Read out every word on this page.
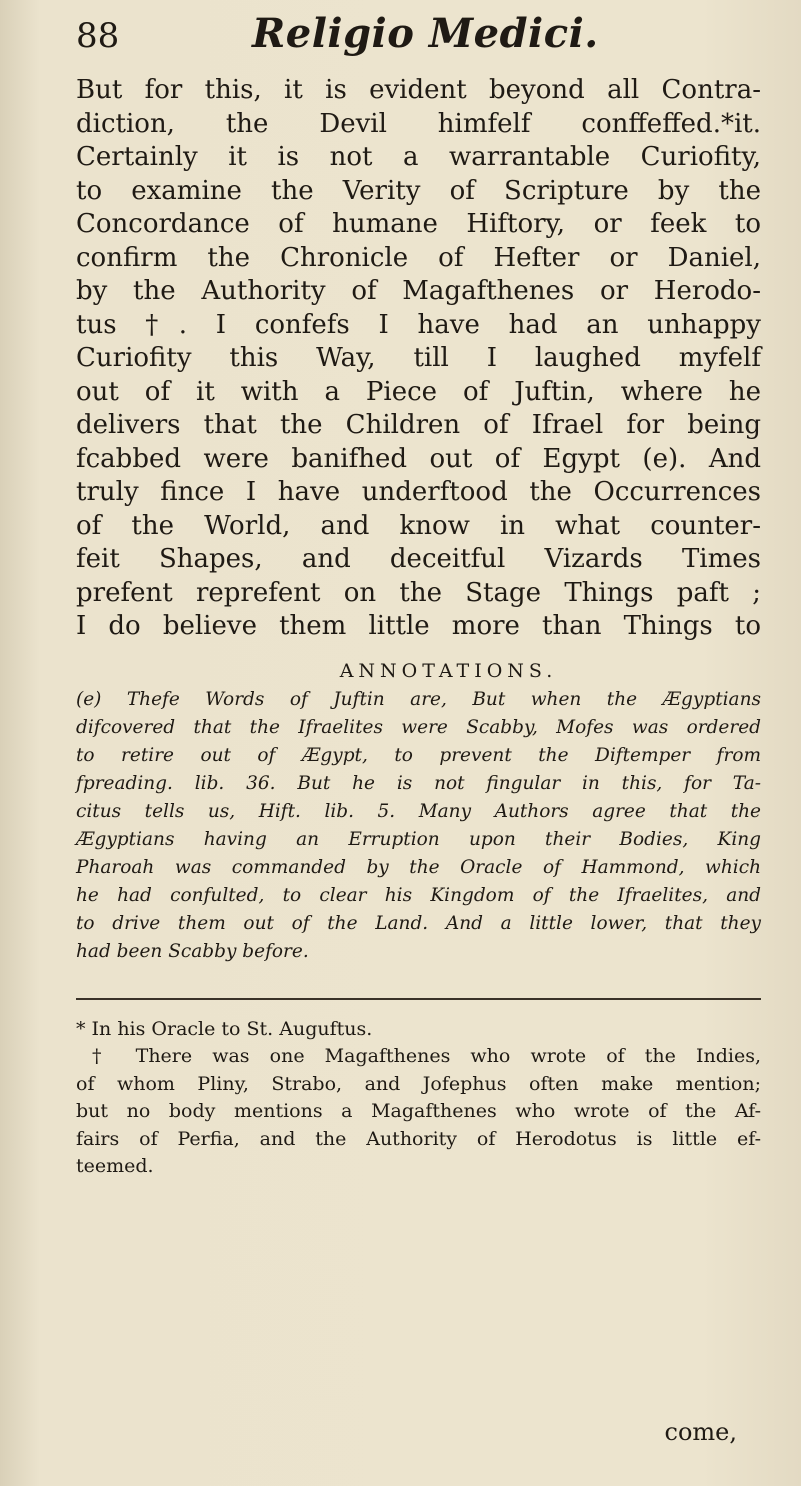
88	Religio Medici.

But for this, it is evident beyond all Contra-

diction, the Devil himfelf conffeffed.*it.

Certainly it is not a warrantable Curiofity,

to examine the Verity of Scripture by the

Concordance of humane Hiftory, or feek to

confirm the Chronicle of Hefter or Daniel,

by the Authority of Magafthenes or Herodo-

tus †. I confefs I have had an unhappy

Curiofity this Way, till I laughed myfelf

out of it with a Piece of Juftin, where he

delivers that the Children of Ifrael for being

fcabbed were banifhed out of Egypt (e). And

truly fince I have underftood the Occurrences

of the World, and know in what counter-

feit Shapes, and deceitful Vizards Times

prefent reprefent on the Stage Things paft ;

I do believe them little more than Things to

ANNOTATIONS.

(e) Thefe Words of Juftin are, But when the Ægyptians

difcovered that the Ifraelites were Scabby, Mofes was ordered

to retire out of Ægypt, to prevent the Diftemper from

fpreading. lib. 36. But he is not fingular in this, for Ta-

citus tells us, Hift. lib. 5. Many Authors agree that the

Ægyptians having an Erruption upon their Bodies, King

Pharoah was commanded by the Oracle of Hammond, which

he had confulted, to clear his Kingdom of the Ifraelites, and

to drive them out of the Land. And a little lower, that they

had been Scabby before.

* In his Oracle to St. Auguftus.

† There was one Magafthenes who wrote of the Indies,

of whom Pliny, Strabo, and Jofephus often make mention;

but no body mentions a Magafthenes who wrote of the Af-

fairs of Perfia, and the Authority of Herodotus is little ef-

teemed.

come,
